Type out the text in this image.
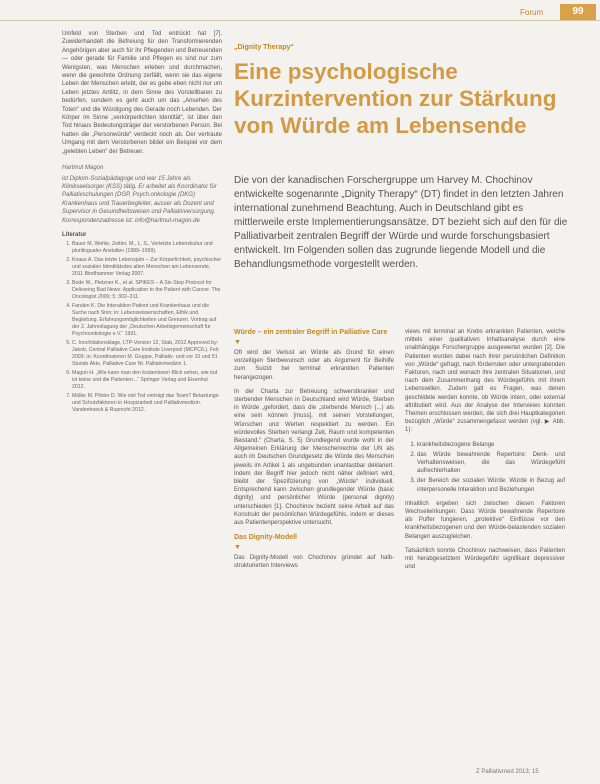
Forum	99

Umfeld von Sterben und Tod entrückt hat [7]. Zuwiderhandelt die Befreiung für den Transformierenden Angehörigen aber auch für ihr Pflegenden und Betreuenden — oder gerade für Familie und Pflegen es sind nur zum Wenigsten, was Menschen erleben und durchmachen, wenn die gewohnte Ordnung zerfällt, wenn sie das eigene Leben der Menschen erlebt, der es gebe eben nicht nur um Leben jetztes Antlitz, in dem Sinne des Vorstellbaren zu bedürfen, sondern es geht auch um das „Ansehen des Toten“ und die Würdigung des Gerade noch Lebenden. Der Körper im Sinne „verkörperlichten Identität“, ist über den Tod hinaus Bedeutungsträger der verstorbenen Person. Bei hatten die „Personwürde“ verdeckt noch ab. Der vertraute Umgang mit dem Verstorbenen bildet ein Beispiel vor dem „gelebten Leben“ der Betreuer.

Hartmut Magon
ist Diplom-Sozialpädagoge und war 15 Jahre als Klinikseelsorger (KSS) tätig. Er arbeitet als Koordinator für Palliativschulungen (DGP, Psych.onkologie (DKG) Krankenhaus und Trauerbegleiter, ausser als Dozent und Supervisor in Gesundheitswesen und Palliativversorgung. Korrespondenzadresse ist: info@hartmut-magon.de
Literatur
1. Bauer M, Wehle, Zeitler, M., L. S., Verletzte Lebenskultur und plurilingualer Anstalten (1989–1999).
2. Knaus A. Das letzte Lebensjahr – Zur Körperlichkeit, psychischer und sozialen Identitätsdes alten Menschen am Lebensende, 2011 Bindhammer Verlag 2007.
3. Bode W., Pietzner K., et al. SPIKES – A Six-Step Protocol for Delivering Bad News: Application to the Patient with Cancer. The Oncologist 2000; 5: 302–311.
4. Fanden K. Die Interaktion Patient und Krankenhaus und die Suche nach Sinn; in: Lebenswissenschaften, Ethik und Begleitung. Erfahrungsmöglichkeiten und Grenzen. Vortrag auf der 2. Jahrestagung der „Deutschen Arbeitsgemeinschaft für Psychoonkologie e.V.“ 1991.
5. C. Inochtiationsklage, LTP-Version 12, Stab, 2012 Approved by: Jakob, Central Palliative Care Institute Liverpool (MCPCIL). Feb 2009; in: Koordinatoren M. Gruppe, Palliativ- und vor 10 und 51 Stunde Akte, Palliative Care Nr. Palliativmedizin 1.
6. Magon H. „Wie kann man den kostenlosen Blick sehen, wie tod ist keine und die Patienten...“ Springer Verlag und Eisenhut 2012.
7. Müller M. Pfister D. Wie viel Tod verträgt das Team? Belastungs- und Schutzfaktoren in Hospizarbeit und Palliativmedizin. Vandenhoeck & Ruprecht 2012.
„Dignity Therapy“
Eine psychologische Kurzintervention zur Stärkung von Würde am Lebensende

Die von der kanadischen Forschergruppe um Harvey M. Chochinov entwickelte sogenannte „Dignity Therapy“ (DT) findet in den letzten Jahren international zunehmend Beachtung. Auch in Deutschland gibt es mittlerweile erste Implementierungsansätze. DT bezieht sich auf den für die Palliativarbeit zentralen Begriff der Würde und wurde forschungsbasiert entwickelt. Im Folgenden sollen das zugrunde liegende Modell und die Behandlungsmethode vorgestellt werden.

Würde – ein zentraler Begriff in Palliative Care
▼

Oft wird der Verlust an Würde als Grund für einen vorzeitigen Sterbewunsch oder als Argument für Beihilfe zum Suizid bei terminal erkrankten Patienten herangezogen.

In der Charta zur Betreuung schwerstkranker und sterbender Menschen in Deutschland wird Würde, Sterben in Würde „gefordert, dass die „sterbende Mensch (...) als eine sein können [muss], mit seinen Vorstellungen, Wünschen und Werten respektiert zu werden. Ein würdevolles Sterben verlangt Zeit, Raum und kompetenten Beistand.“ (Charta, S. 5) Grundlegend wurde wohl in der Allgemeinen Erklärung der Menschenrechte der UN als auch im Deutschen Grundgesetz die Würde des Menschen jeweils im Artikel 1 als ungebunden unantastbar deklariert. Indem der Begriff hier jedoch nicht näher definiert wird, bleibt der Spezifizierung von „Würde“ individuell. Entsprechend kann zwischen grundlegender Würde (basic dignity) und persönlicher Würde (personal dignity) unterschieden [1]. Chochinov bezieht seine Arbeit auf das Konstrukt der persönlichen Würdegefühls, indem er dieses aus Patientenperspektive untersucht.

Das Dignity-Modell
▼

Das Dignity-Modell von Chochinov gründet auf halb-strukturierten Interviews

views mit terminal an Krebs erkrankten Patienten, welche mittels einer qualitativen Inhaltsanalyse durch eine unabhängige Forschergruppe ausgewertet wurden [2]. Die Patienten wurden dabei nach ihrer persönlichen Definition von „Würde“ gefragt, nach fördernden oder untergrabenden Faktoren, nach und wonach ihre zentralen Situationen, und nach dem Zusammenhang des Würdegefühls mit ihrem Lebenswillen. Zudem galt es Fragen, was denen geschildete werden konnte, ob Würde intern, oder external attributiert wird. Aus der Analyse der Interviews konnten Themen erschlossen werden, die sich drei Hauptkategorien bezüglich „Würde“ zusammengefasst werden (vgl. ▶ Abb. 1):

1. krankheitsbezogene Belange
2. das Würde bewahrende Repertoire: Denk- und Verhaltensweisen, die das Würdegefühl aufrechterhalten
3. der Bereich der sozialen Würde: Würde in Bezug auf interpersonelle Interaktion und Beziehungen

Inhaltlich ergeben sich zwischen diesen Faktoren Wechselwirkungen. Dass Würde bewahrende Repertoire als Puffer fungieren, „protektive“ Einflüsse vor den krankheitsbezogenen und den Würde-belastenden sozialen Belangen auszugleichen.

Tatsächlich konnte Chochinov nachweisen, dass Patienten mit herabgesetztem Würdegefühl signifikant depressiver und

Z Palliativmed 2013; 15
